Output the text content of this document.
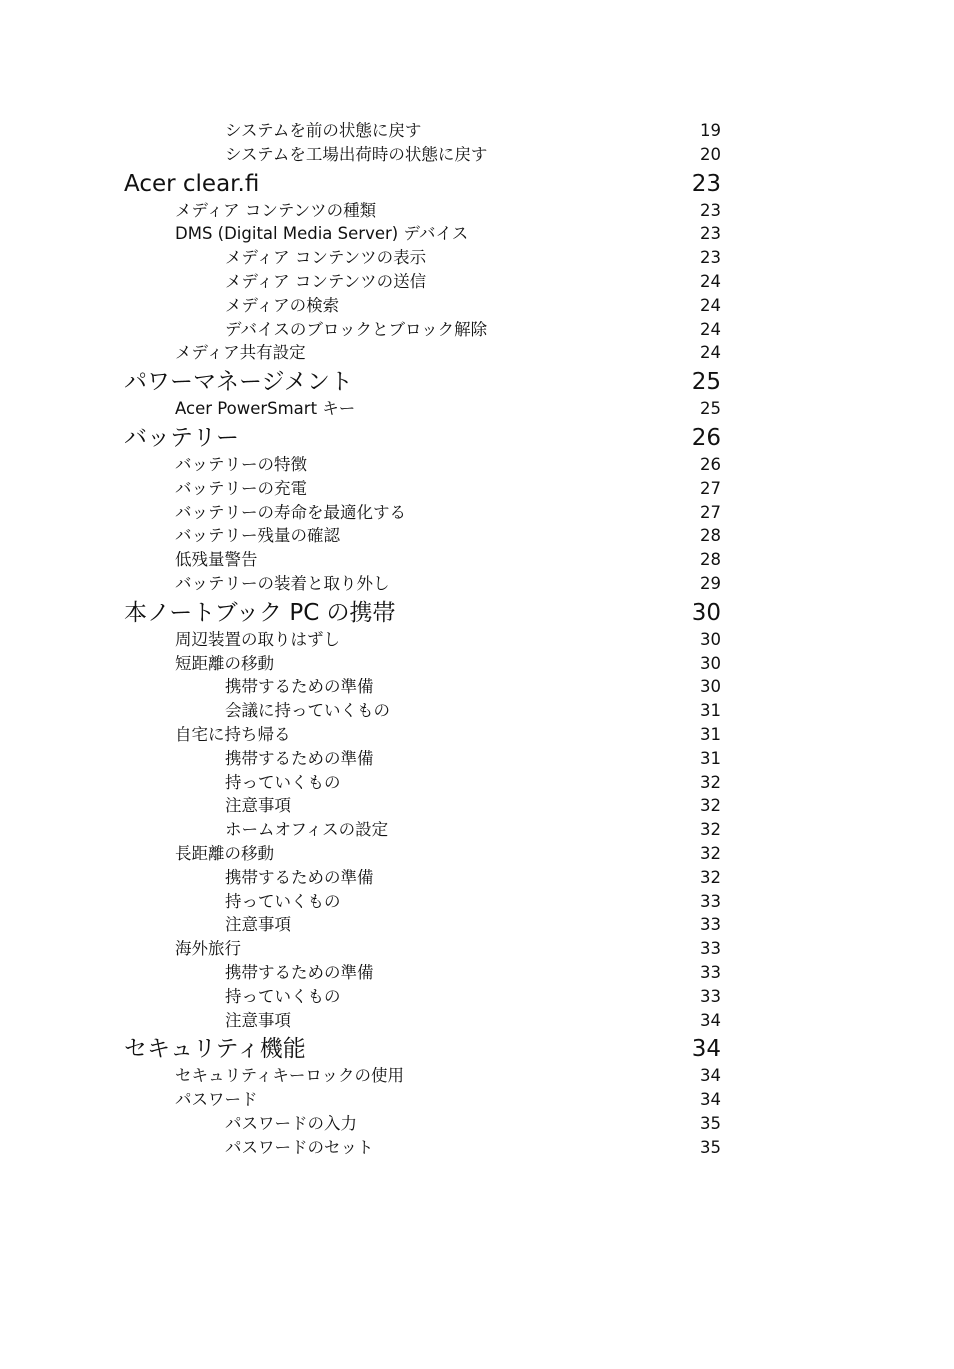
システムを前の状態に戻す	19
システムを工場出荷時の状態に戻す	20
Acer clear.fi	23
メディア コンテンツの種類	23
DMS (Digital Media Server) デバイス	23
メディア コンテンツの表示	23
メディア コンテンツの送信	24
メディアの検索	24
デバイスのブロックとブロック解除	24
メディア共有設定	24
パワーマネージメント	25
Acer PowerSmart キー	25
バッテリー	26
バッテリーの特徴	26
バッテリーの充電	27
バッテリーの寿命を最適化する	27
バッテリー残量の確認	28
低残量警告	28
バッテリーの装着と取り外し	29
本ノートブック PC の携帯	30
周辺装置の取りはずし	30
短距離の移動	30
携帯するための準備	30
会議に持っていくもの	31
自宅に持ち帰る	31
携帯するための準備	31
持っていくもの	32
注意事項	32
ホームオフィスの設定	32
長距離の移動	32
携帯するための準備	32
持っていくもの	33
注意事項	33
海外旅行	33
携帯するための準備	33
持っていくもの	33
注意事項	34
セキュリティ機能	34
セキュリティキーロックの使用	34
パスワード	34
パスワードの入力	35
パスワードのセット	35
